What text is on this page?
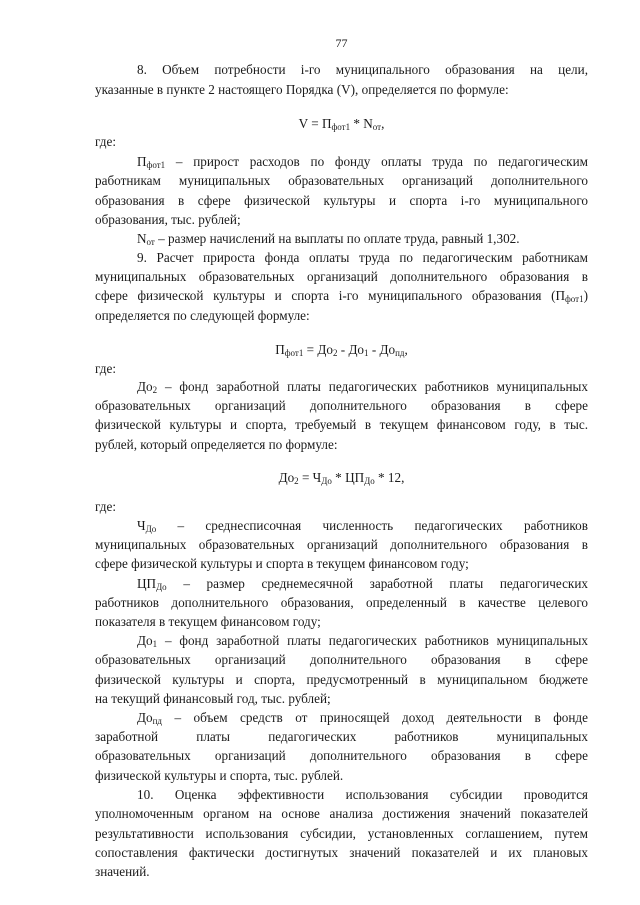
77
8. Объем потребности i-го муниципального образования на цели,
указанные в пункте 2 настоящего Порядка (V), определяется по формуле:
$V = П_{фот1} * N_{от}$,
где:
$П_{фот1}$ – прирост расходов по фонду оплаты труда по педагогическим
работникам муниципальных образовательных организаций дополнительного
образования в сфере физической культуры и спорта i-го муниципального
образования, тыс. рублей;
$N_{от}$ – размер начислений на выплаты по оплате труда, равный 1,302.
9. Расчет прироста фонда оплаты труда по педагогическим работникам
муниципальных образовательных организаций дополнительного образования в
сфере физической культуры и спорта i-го муниципального образования $(П_{фот1})$
определяется по следующей формуле:
$П_{фот1} = До_2 - До_1 - До_{пд}$,
где:
$До_2$ – фонд заработной платы педагогических работников муниципальных
образовательных организаций дополнительного образования в сфере
физической культуры и спорта, требуемый в текущем финансовом году, в тыс.
рублей, который определяется по формуле:
$До_2 = Ч_{До} * ЦП_{До} * 12$,
где:
$Ч_{До}$ – среднесписочная численность педагогических работников
муниципальных образовательных организаций дополнительного образования в
сфере физической культуры и спорта в текущем финансовом году;
$ЦП_{До}$ – размер среднемесячной заработной платы педагогических
работников дополнительного образования, определенный в качестве целевого
показателя в текущем финансовом году;
$До_1$ – фонд заработной платы педагогических работников муниципальных
образовательных организаций дополнительного образования в сфере
физической культуры и спорта, предусмотренный в муниципальном бюджете
на текущий финансовый год, тыс. рублей;
$До_{пд}$ – объем средств от приносящей доход деятельности в фонде
заработной платы педагогических работников муниципальных
образовательных организаций дополнительного образования в сфере
физической культуры и спорта, тыс. рублей.
10. Оценка эффективности использования субсидии проводится
уполномоченным органом на основе анализа достижения значений показателей
результативности использования субсидии, установленных соглашением, путем
сопоставления фактически достигнутых значений показателей и их плановых
значений.
